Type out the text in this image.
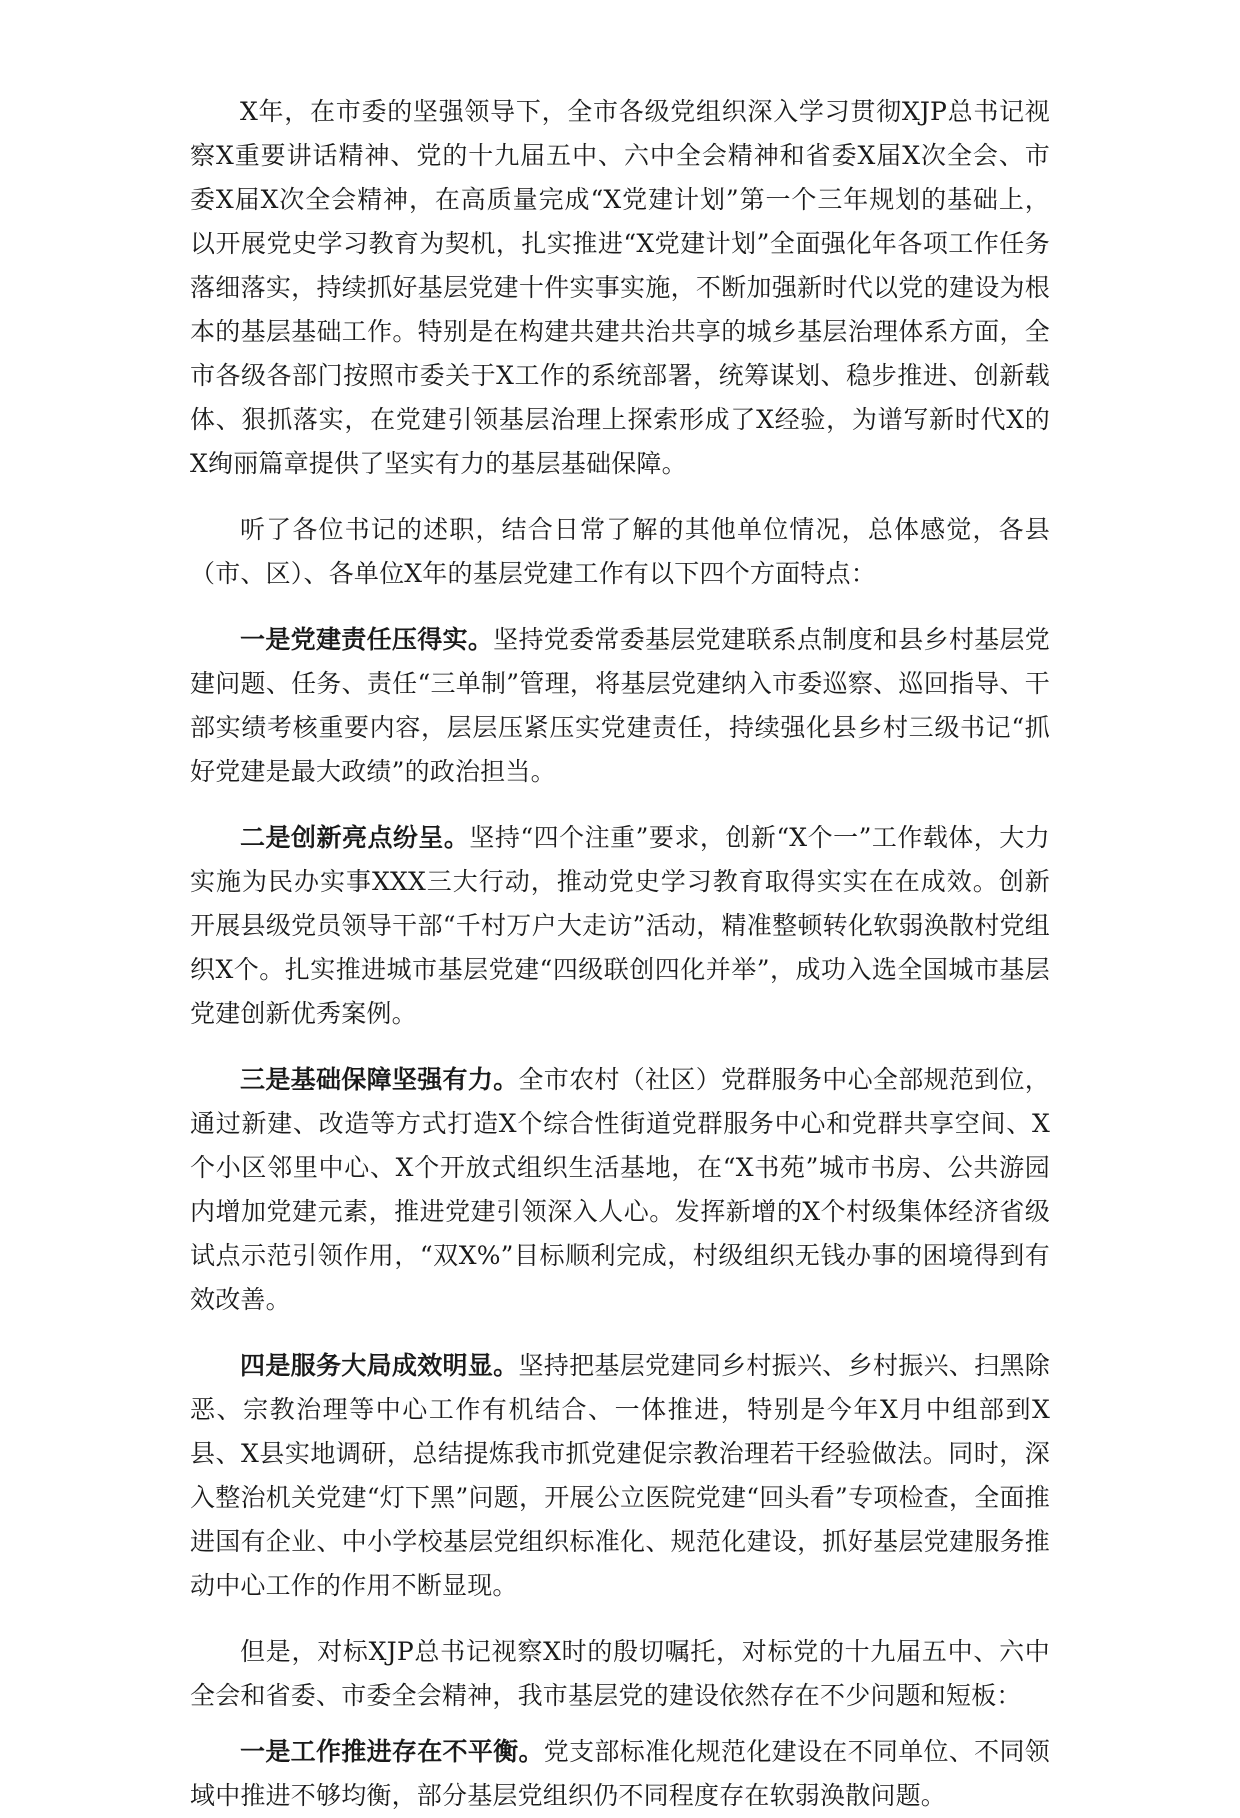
X年，在市委的坚强领导下，全市各级党组织深入学习贯彻XJP总书记视察X重要讲话精神、党的十九届五中、六中全会精神和省委X届X次全会、市委X届X次全会精神，在高质量完成“X党建计划”第一个三年规划的基础上，以开展党史学习教育为契机，扎实推进“X党建计划”全面强化年各项工作任务落细落实，持续抓好基层党建十件实事实施，不断加强新时代以党的建设为根本的基层基础工作。特别是在构建共建共治共享的城乡基层治理体系方面，全市各级各部门按照市委关于X工作的系统部署，统筹谋划、稳步推进、创新载体、狠抓落实，在党建引领基层治理上探索形成了X经验，为谱写新时代X的X绚丽篇章提供了坚实有力的基层基础保障。

听了各位书记的述职，结合日常了解的其他单位情况，总体感觉，各县（市、区）、各单位X年的基层党建工作有以下四个方面特点：

一是党建责任压得实。坚持党委常委基层党建联系点制度和县乡村基层党建问题、任务、责任“三单制”管理，将基层党建纳入市委巡察、巡回指导、干部实绩考核重要内容，层层压紧压实党建责任，持续强化县乡村三级书记“抓好党建是最大政绩”的政治担当。

二是创新亮点纷呈。坚持“四个注重”要求，创新“X个一”工作载体，大力实施为民办实事XXX三大行动，推动党史学习教育取得实实在在成效。创新开展县级党员领导干部“千村万户大走访”活动，精准整顿转化软弱涣散村党组织X个。扎实推进城市基层党建“四级联创四化并举”，成功入选全国城市基层党建创新优秀案例。

三是基础保障坚强有力。全市农村（社区）党群服务中心全部规范到位，通过新建、改造等方式打造X个综合性街道党群服务中心和党群共享空间、X个小区邻里中心、X个开放式组织生活基地，在“X书苑”城市书房、公共游园内增加党建元素，推进党建引领深入人心。发挥新增的X个村级集体经济省级试点示范引领作用，“双X%”目标顺利完成，村级组织无钱办事的困境得到有效改善。

四是服务大局成效明显。坚持把基层党建同乡村振兴、乡村振兴、扫黑除恶、宗教治理等中心工作有机结合、一体推进，特别是今年X月中组部到X县、X县实地调研，总结提炼我市抓党建促宗教治理若干经验做法。同时，深入整治机关党建“灯下黑”问题，开展公立医院党建“回头看”专项检查，全面推进国有企业、中小学校基层党组织标准化、规范化建设，抓好基层党建服务推动中心工作的作用不断显现。

但是，对标XJP总书记视察X时的殷切嘱托，对标党的十九届五中、六中全会和省委、市委全会精神，我市基层党的建设依然存在不少问题和短板：

一是工作推进存在不平衡。党支部标准化规范化建设在不同单位、不同领域中推进不够均衡，部分基层党组织仍不同程度存在软弱涣散问题。
